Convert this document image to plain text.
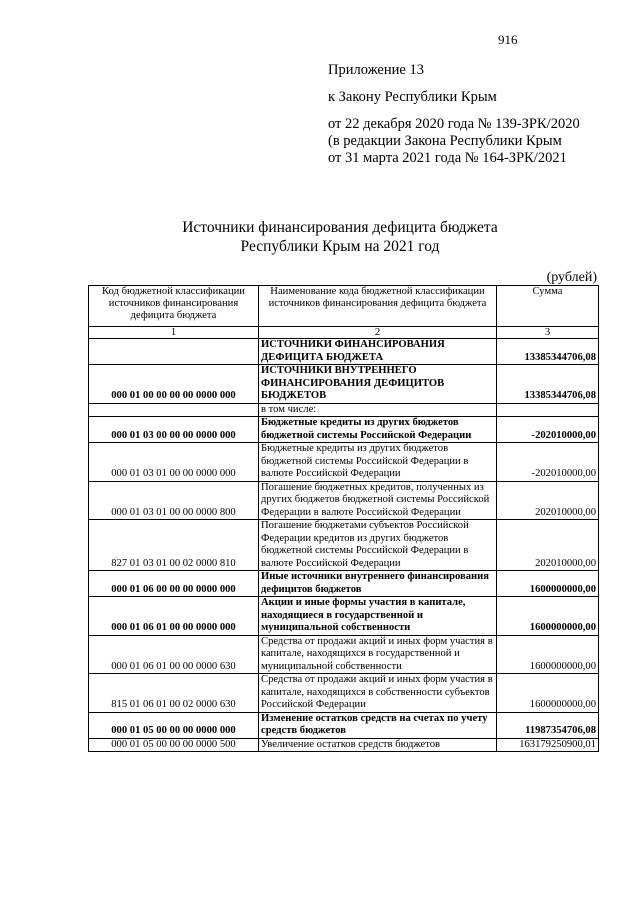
916
Приложение 13
к Закону Республики Крым
от 22 декабря 2020 года № 139-ЗРК/2020
(в редакции Закона Республики Крым
от 31 марта 2021 года № 164-ЗРК/2021
Источники финансирования дефицита бюджета
Республики Крым на 2021 год
(рублей)
Код бюджетной классификации источников финансирования дефицита бюджета	Наименование кода бюджетной классификации источников финансирования дефицита бюджета	Сумма
1	2	3
	ИСТОЧНИКИ ФИНАНСИРОВАНИЯ ДЕФИЦИТА БЮДЖЕТА	13385344706,08
000 01 00 00 00 00 0000 000	ИСТОЧНИКИ ВНУТРЕННЕГО ФИНАНСИРОВАНИЯ ДЕФИЦИТОВ БЮДЖЕТОВ	13385344706,08
	в том числе:	
000 01 03 00 00 00 0000 000	Бюджетные кредиты из других бюджетов бюджетной системы Российской Федерации	-202010000,00
000 01 03 01 00 00 0000 000	Бюджетные кредиты из других бюджетов бюджетной системы Российской Федерации в валюте Российской Федерации	-202010000,00
000 01 03 01 00 00 0000 800	Погашение бюджетных кредитов, полученных из других бюджетов бюджетной системы Российской Федерации в валюте Российской Федерации	202010000,00
827 01 03 01 00 02 0000 810	Погашение бюджетами субъектов Российской Федерации кредитов из других бюджетов бюджетной системы Российской Федерации в валюте Российской Федерации	202010000,00
000 01 06 00 00 00 0000 000	Иные источники внутреннего финансирования дефицитов бюджетов	1600000000,00
000 01 06 01 00 00 0000 000	Акции и иные формы участия в капитале, находящиеся в государственной и муниципальной собственности	1600000000,00
000 01 06 01 00 00 0000 630	Средства от продажи акций и иных форм участия в капитале, находящихся в государственной и муниципальной собственности	1600000000,00
815 01 06 01 00 02 0000 630	Средства от продажи акций и иных форм участия в капитале, находящихся в собственности субъектов Российской Федерации	1600000000,00
000 01 05 00 00 00 0000 000	Изменение остатков средств на счетах по учету средств бюджетов	11987354706,08
000 01 05 00 00 00 0000 500	Увеличение остатков средств бюджетов	163179250900,01
